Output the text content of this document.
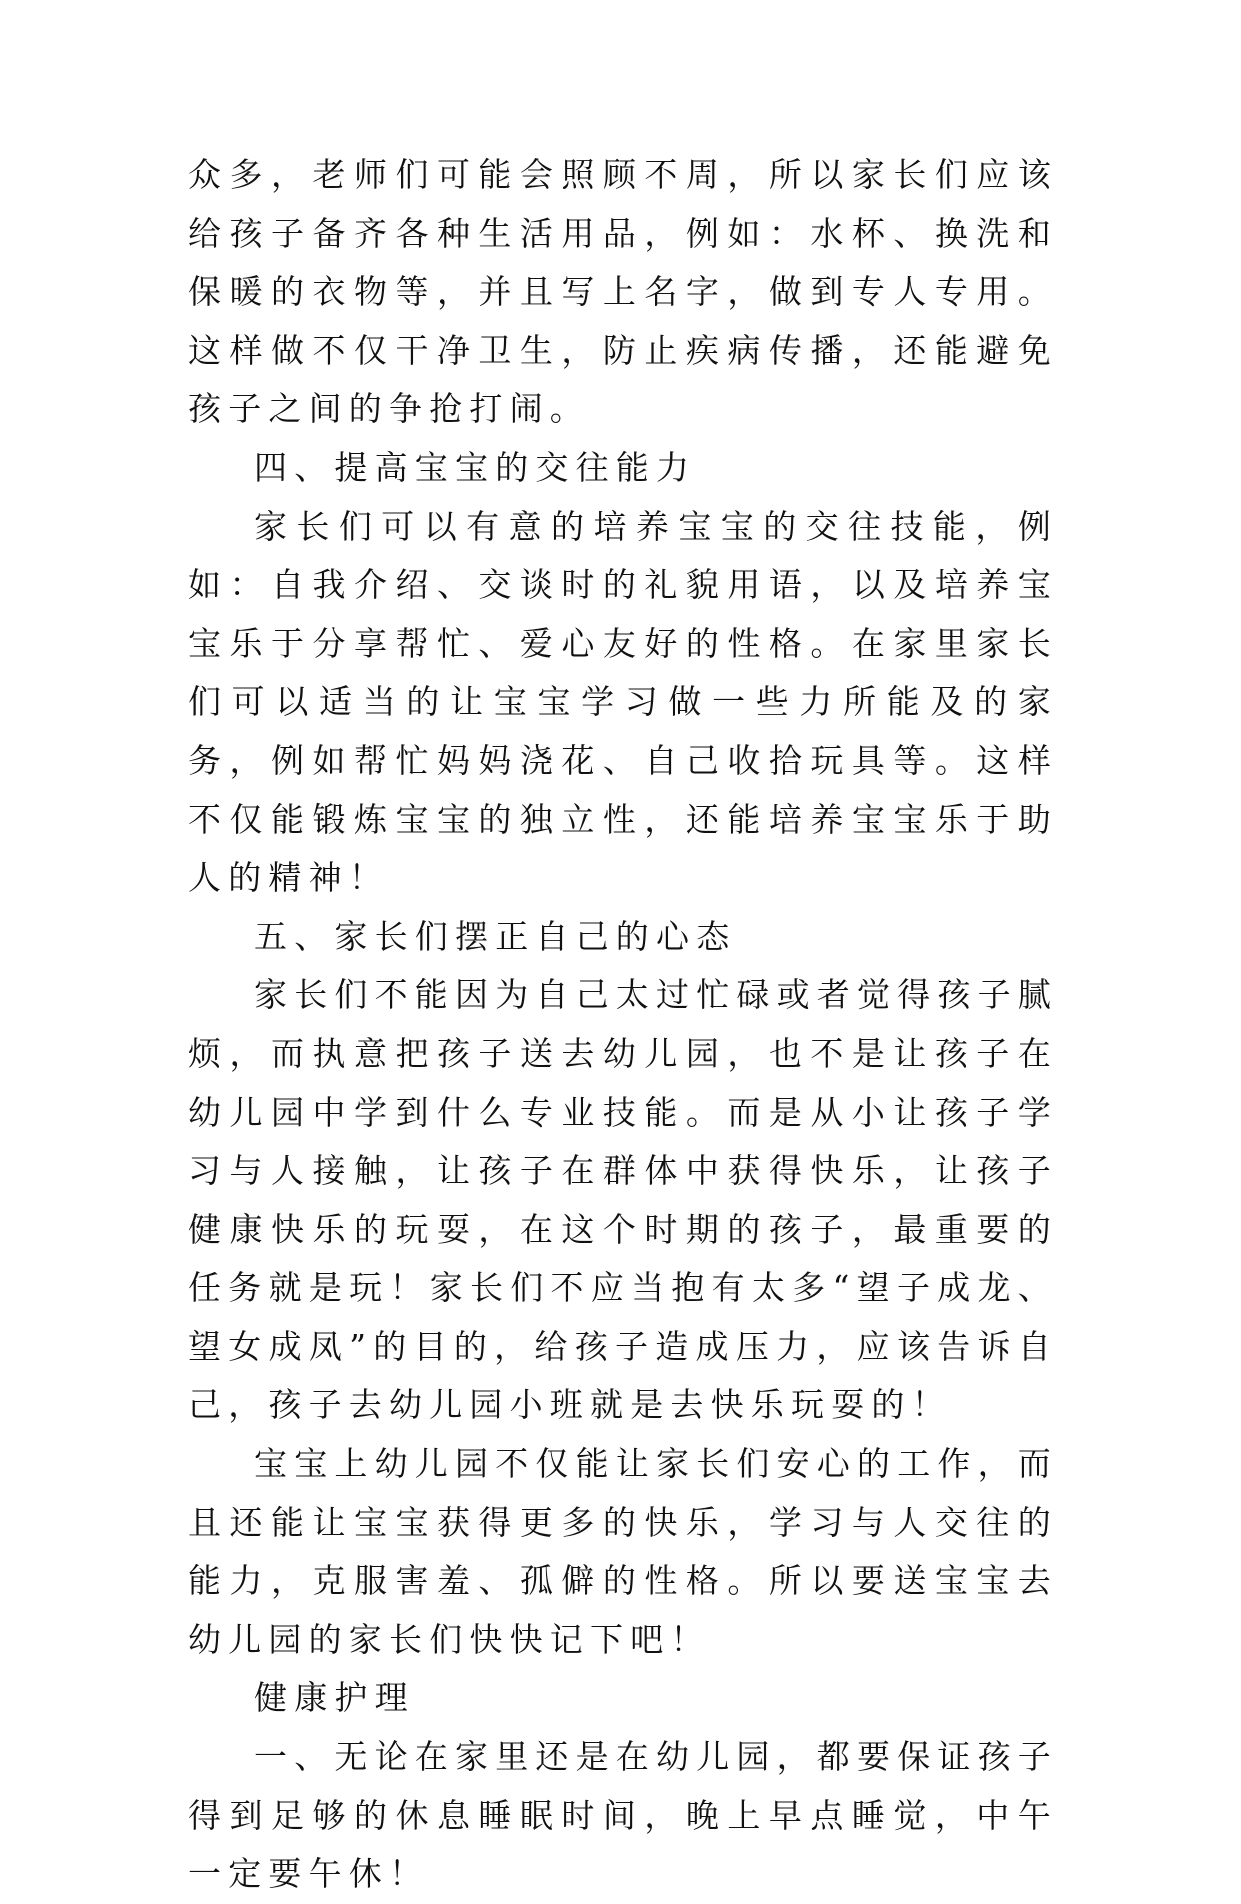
众多，老师们可能会照顾不周，所以家长们应该给孩子备齐各种生活用品，例如：水杯、换洗和保暖的衣物等，并且写上名字，做到专人专用。这样做不仅干净卫生，防止疾病传播，还能避免孩子之间的争抢打闹。

四、提高宝宝的交往能力

家长们可以有意的培养宝宝的交往技能，例如：自我介绍、交谈时的礼貌用语，以及培养宝宝乐于分享帮忙、爱心友好的性格。在家里家长们可以适当的让宝宝学习做一些力所能及的家务，例如帮忙妈妈浇花、自己收拾玩具等。这样不仅能锻炼宝宝的独立性，还能培养宝宝乐于助人的精神！

五、家长们摆正自己的心态

家长们不能因为自己太过忙碌或者觉得孩子腻烦，而执意把孩子送去幼儿园，也不是让孩子在幼儿园中学到什么专业技能。而是从小让孩子学习与人接触，让孩子在群体中获得快乐，让孩子健康快乐的玩耍，在这个时期的孩子，最重要的任务就是玩！家长们不应当抱有太多“望子成龙、望女成凤”的目的，给孩子造成压力，应该告诉自己，孩子去幼儿园小班就是去快乐玩耍的！

宝宝上幼儿园不仅能让家长们安心的工作，而且还能让宝宝获得更多的快乐，学习与人交往的能力，克服害羞、孤僻的性格。所以要送宝宝去幼儿园的家长们快快记下吧！

健康护理

一、无论在家里还是在幼儿园，都要保证孩子得到足够的休息睡眠时间，晚上早点睡觉，中午一定要午休！
